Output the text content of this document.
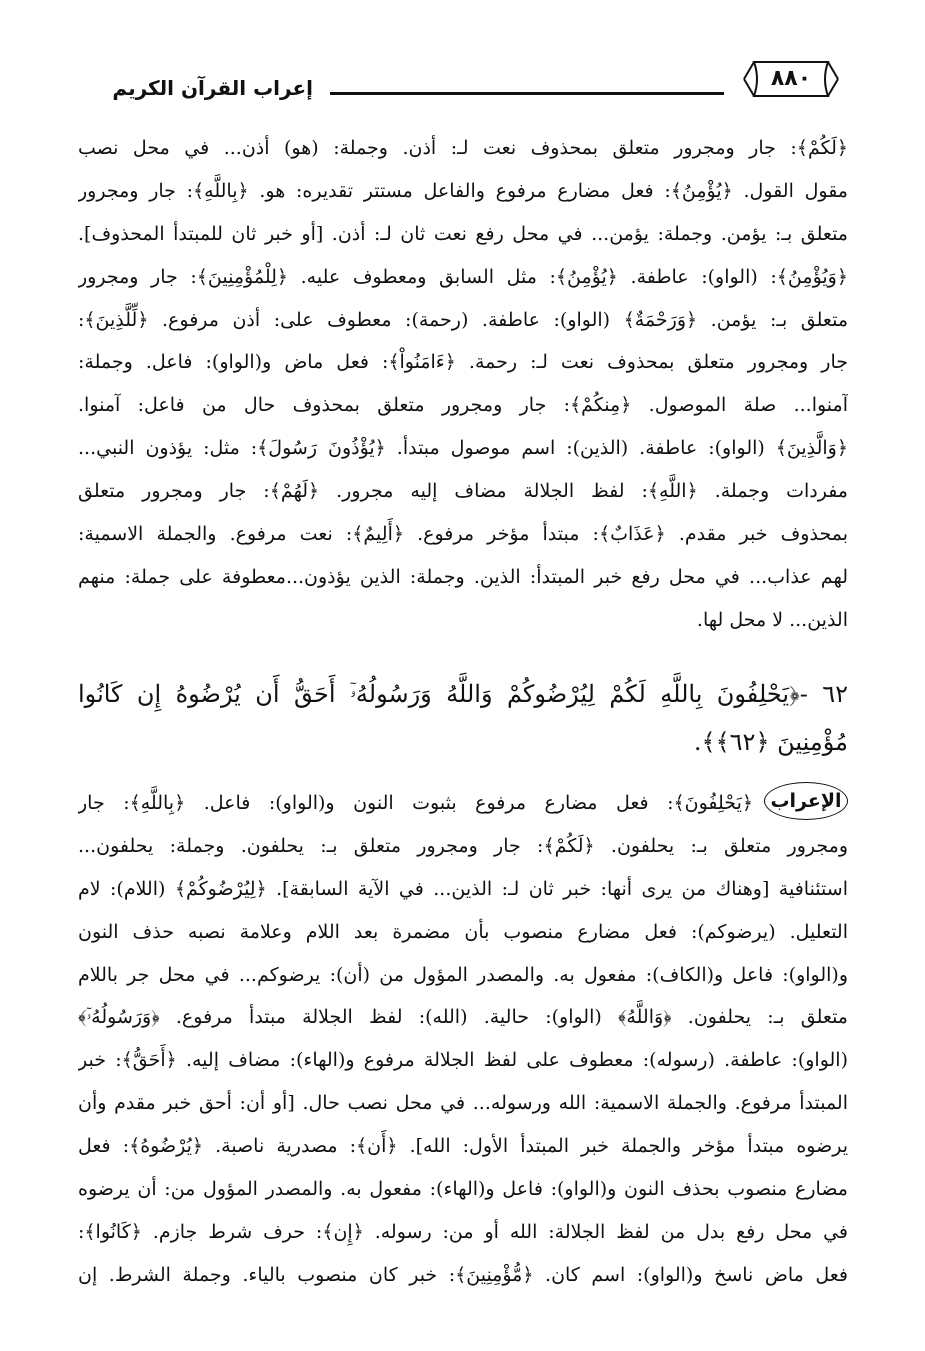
٨٨٠
إعراب القرآن الكريم
﴿لَكُمْ﴾: جار ومجرور متعلق بمحذوف نعت لـ: أذن. وجملة: (هو) أذن... في محل نصب
مقول القول. ﴿يُؤْمِنُ﴾: فعل مضارع مرفوع والفاعل مستتر تقديره: هو. ﴿بِاللَّهِ﴾: جار ومجرور
متعلق بـ: يؤمن. وجملة: يؤمن... في محل رفع نعت ثان لـ: أذن. [أو خبر ثان للمبتدأ المحذوف].
﴿وَيُؤْمِنُ﴾: (الواو): عاطفة. ﴿يُؤْمِنُ﴾: مثل السابق ومعطوف عليه. ﴿لِلْمُؤْمِنِينَ﴾: جار ومجرور
متعلق بـ: يؤمن. ﴿وَرَحْمَةٌ﴾ (الواو): عاطفة. (رحمة): معطوف على: أذن مرفوع. ﴿لِّلَّذِينَ﴾:
جار ومجرور متعلق بمحذوف نعت لـ: رحمة. ﴿ءَامَنُواْ﴾: فعل ماض و(الواو): فاعل. وجملة:
آمنوا... صلة الموصول. ﴿مِنكُمْ﴾: جار ومجرور متعلق بمحذوف حال من فاعل: آمنوا.
﴿وَالَّذِينَ﴾ (الواو): عاطفة. (الذين): اسم موصول مبتدأ. ﴿يُؤْذُونَ رَسُولَ﴾: مثل: يؤذون النبي...
مفردات وجملة. ﴿اللَّهِ﴾: لفظ الجلالة مضاف إليه مجرور. ﴿لَهُمْ﴾: جار ومجرور متعلق
بمحذوف خبر مقدم. ﴿عَذَابٌ﴾: مبتدأ مؤخر مرفوع. ﴿أَلِيمٌ﴾: نعت مرفوع. والجملة الاسمية:
لهم عذاب... في محل رفع خبر المبتدأ: الذين. وجملة: الذين يؤذون...معطوفة على جملة: منهم
الذين... لا محل لها.
٦٢ -﴿يَحْلِفُونَ بِاللَّهِ لَكُمْ لِيُرْضُوكُمْ وَاللَّهُ وَرَسُولُهُۥٓ أَحَقُّ أَن يُرْضُوهُ إِن كَانُوا
مُؤْمِنِينَ ﴿٦٢﴾﴾.
الإعراب
﴿يَحْلِفُونَ﴾: فعل مضارع مرفوع بثبوت النون و(الواو): فاعل. ﴿بِاللَّهِ﴾: جار
ومجرور متعلق بـ: يحلفون. ﴿لَكُمْ﴾: جار ومجرور متعلق بـ: يحلفون. وجملة: يحلفون...
استئنافية [وهناك من يرى أنها: خبر ثان لـ: الذين... في الآية السابقة]. ﴿لِيُرْضُوكُمْ﴾ (اللام): لام
التعليل. (يرضوكم): فعل مضارع منصوب بأن مضمرة بعد اللام وعلامة نصبه حذف النون
و(الواو): فاعل و(الكاف): مفعول به. والمصدر المؤول من (أن): يرضوكم... في محل جر باللام
متعلق بـ: يحلفون. ﴿وَاللَّهُ﴾ (الواو): حالية. (الله): لفظ الجلالة مبتدأ مرفوع. ﴿وَرَسُولُهُۥٓ﴾
(الواو): عاطفة. (رسوله): معطوف على لفظ الجلالة مرفوع و(الهاء): مضاف إليه. ﴿أَحَقُّ﴾: خبر
المبتدأ مرفوع. والجملة الاسمية: الله ورسوله... في محل نصب حال. [أو أن: أحق خبر مقدم وأن
يرضوه مبتدأ مؤخر والجملة خبر المبتدأ الأول: الله]. ﴿أَن﴾: مصدرية ناصبة. ﴿يُرْضُوهُ﴾: فعل
مضارع منصوب بحذف النون و(الواو): فاعل و(الهاء): مفعول به. والمصدر المؤول من: أن يرضوه
في محل رفع بدل من لفظ الجلالة: الله أو من: رسوله. ﴿إِن﴾: حرف شرط جازم. ﴿كَانُوا﴾:
فعل ماض ناسخ و(الواو): اسم كان. ﴿مُّؤْمِنِينَ﴾: خبر كان منصوب بالياء. وجملة الشرط. إن
